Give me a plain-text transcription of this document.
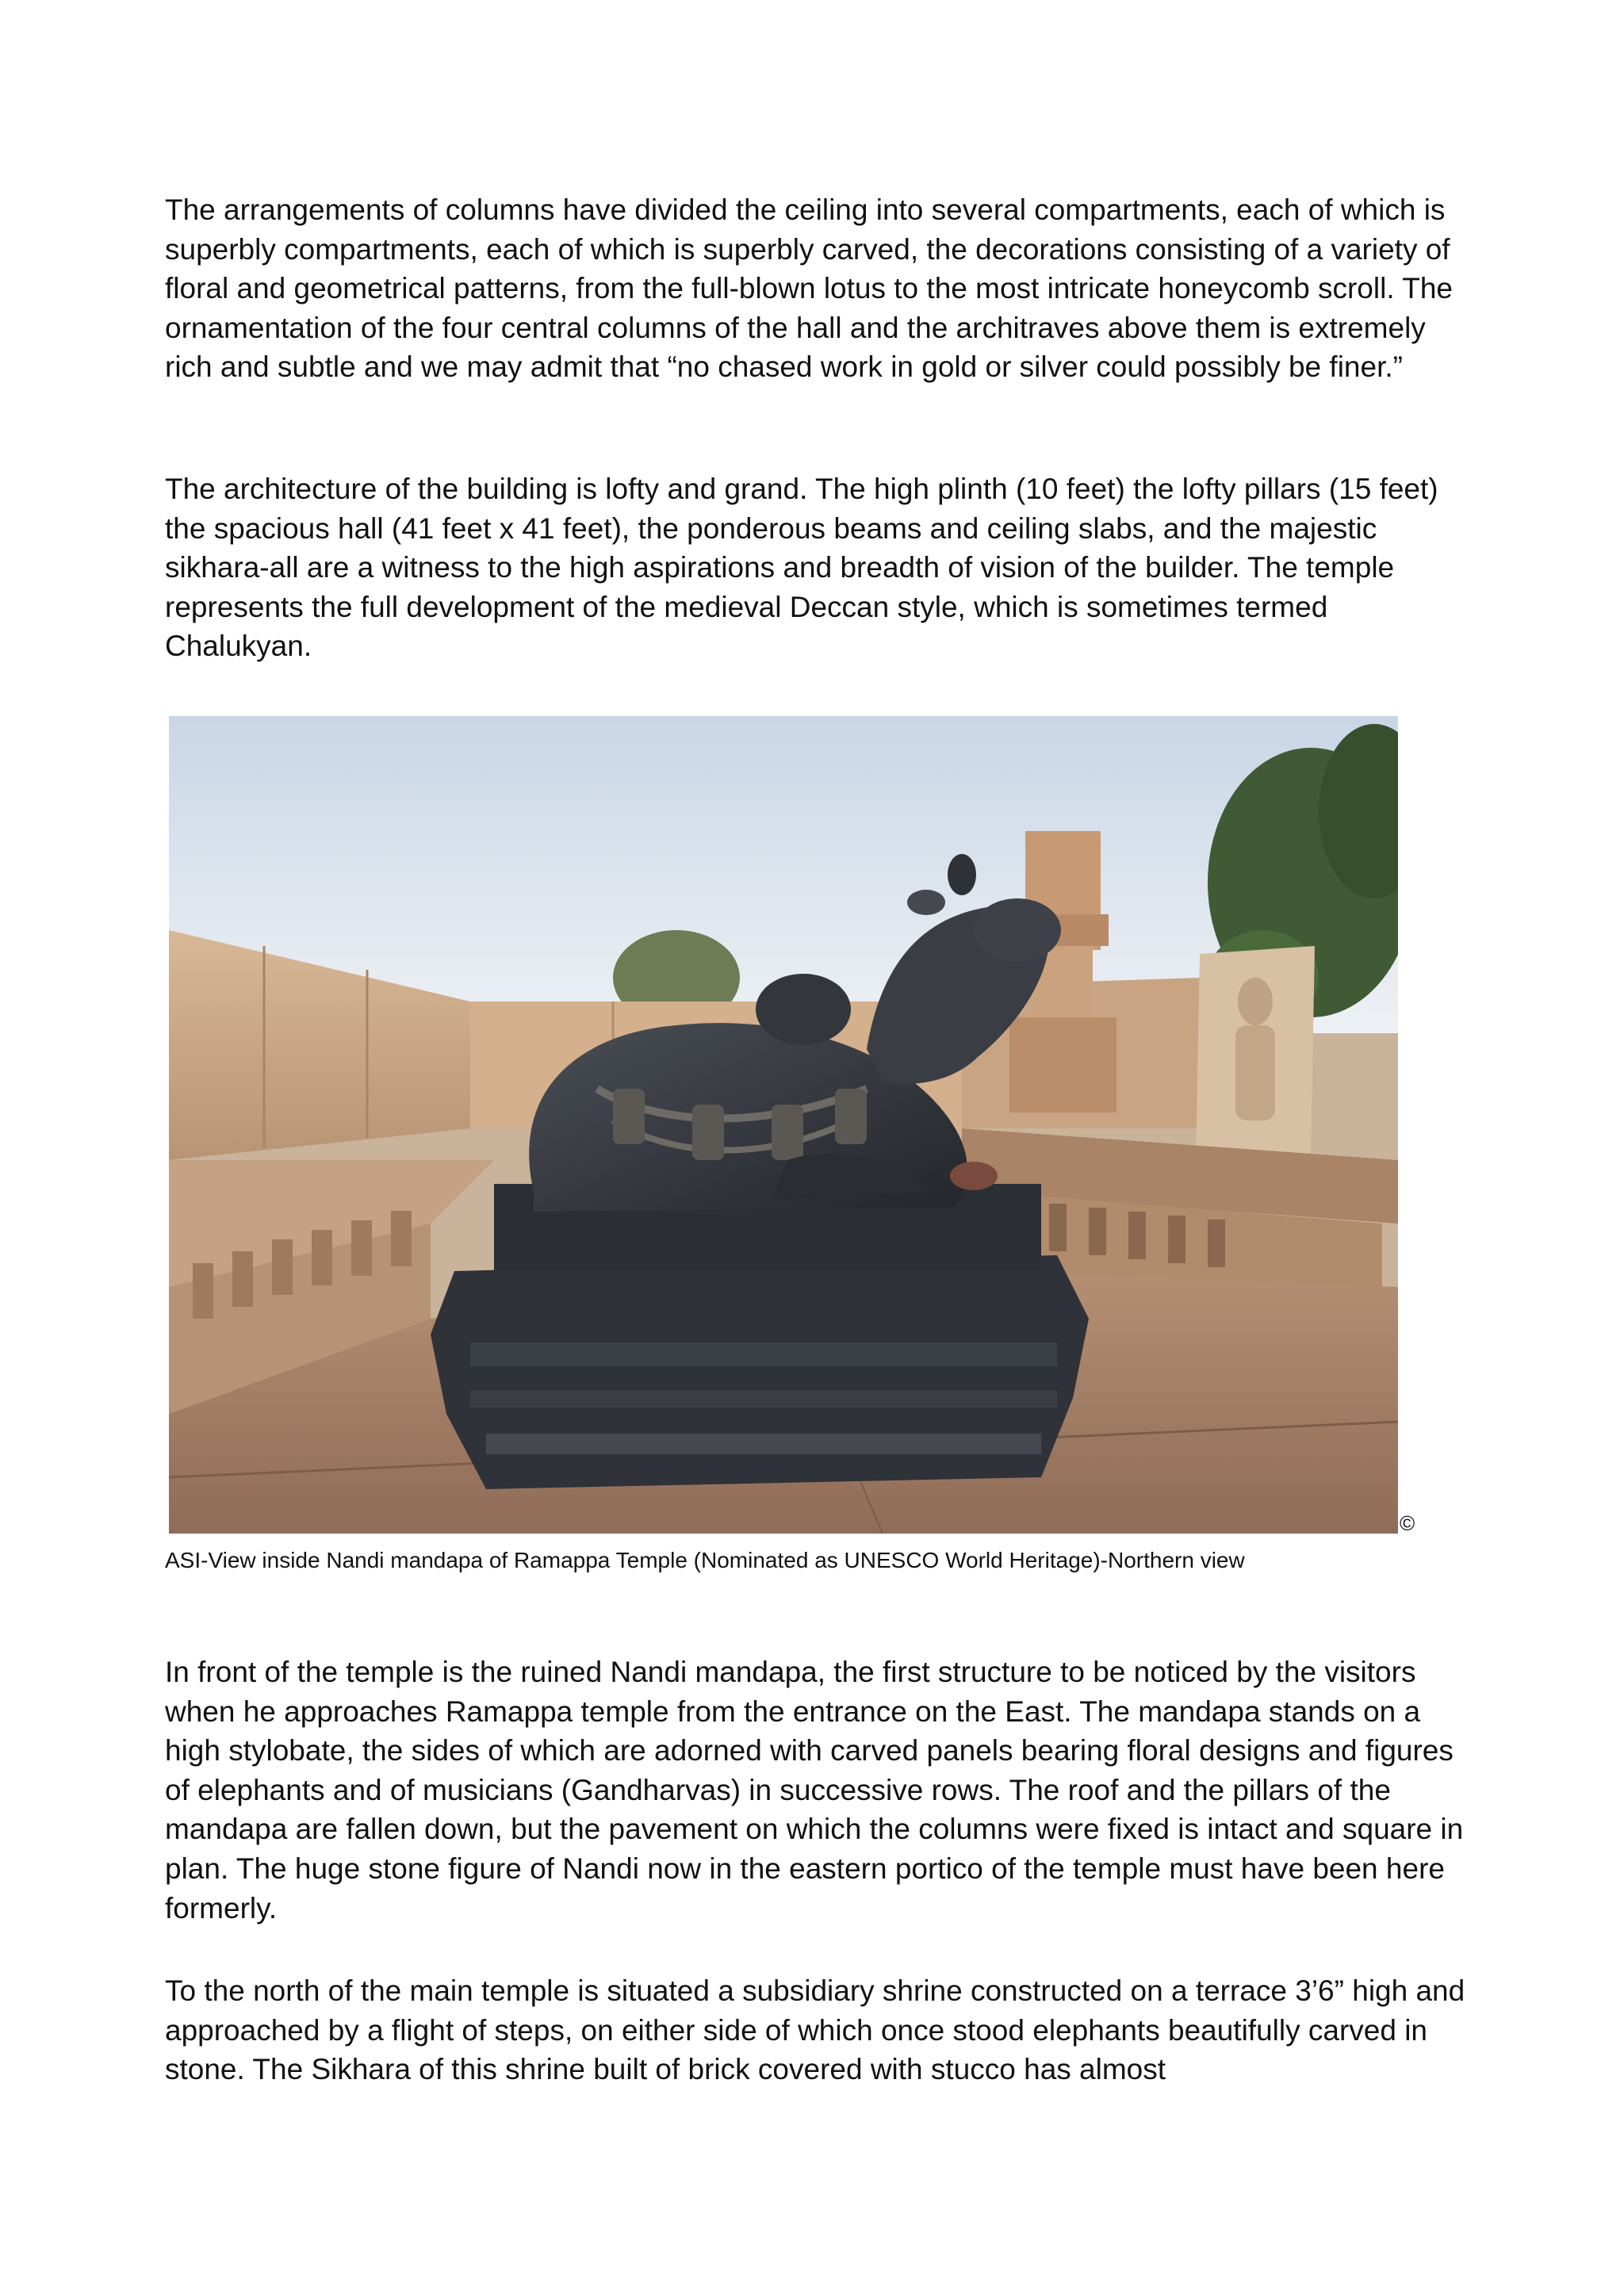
The arrangements of columns have divided the ceiling into several compartments, each of which is superbly compartments, each of which is superbly carved, the decorations consisting of a variety of floral and geometrical patterns, from the full-blown lotus to the most intricate honeycomb scroll. The ornamentation of the four central columns of the hall and the architraves above them is extremely rich and subtle and we may admit that “no chased work in gold or silver could possibly be finer.”

The architecture of the building is lofty and grand. The high plinth (10 feet) the lofty pillars (15 feet) the spacious hall (41 feet x 41 feet), the ponderous beams and ceiling slabs, and the majestic sikhara-all are a witness to the high aspirations and breadth of vision of the builder. The temple represents the full development of the medieval Deccan style, which is sometimes termed Chalukyan.

©
ASI-View inside Nandi mandapa of Ramappa Temple (Nominated as UNESCO World Heritage)-Northern view

In front of the temple is the ruined Nandi mandapa, the first structure to be noticed by the visitors when he approaches Ramappa temple from the entrance on the East. The mandapa stands on a high stylobate, the sides of which are adorned with carved panels bearing floral designs and figures of elephants and of musicians (Gandharvas) in successive rows. The roof and the pillars of the mandapa are fallen down, but the pavement on which the columns were fixed is intact and square in plan. The huge stone figure of Nandi now in the eastern portico of the temple must have been here formerly.

To the north of the main temple is situated a subsidiary shrine constructed on a terrace 3’6” high and approached by a flight of steps, on either side of which once stood elephants beautifully carved in stone. The Sikhara of this shrine built of brick covered with stucco has almost
